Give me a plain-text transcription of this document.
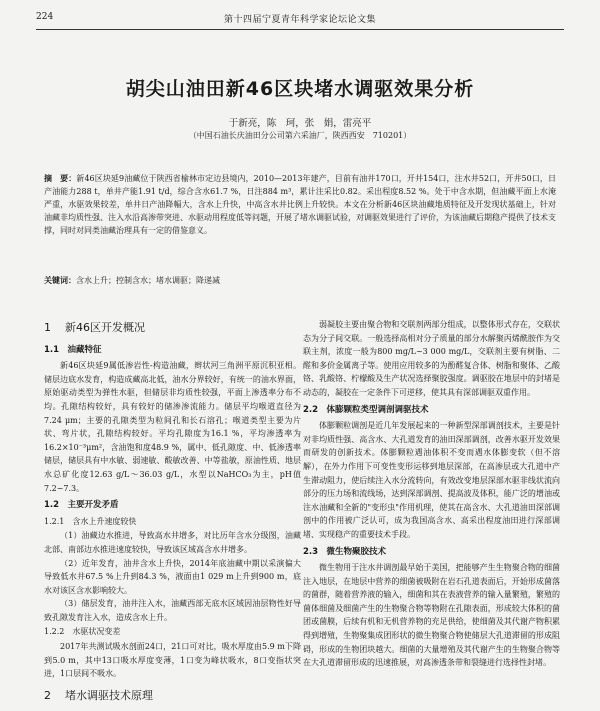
224	第十四届宁夏青年科学家论坛论文集
胡尖山油田新46区块堵水调驱效果分析
于新亮，陈　珂，张　娟，雷亮平
（中国石油长庆油田分公司第六采油厂，陕西西安　710201）
摘　要：新46区块延9油藏位于陕西省榆林市定边县境内，2010—2013年建产，目前有油井170口，开井154口，注水井52口，开井50口，日产油能力288 t，单井产能1.91 t/d，综合含水61.7 %，日注884 m³，累计注采比0.82。采出程度8.52 %。处于中含水期，但油藏平面上水淹严重，水驱效果较差，单井日产油降幅大，含水上升快，中高含水井比例上升较快。本文在分析新46区块油藏地质特征及开发现状基础上，针对油藏非均质性强、注入水沿高渗带突进、水驱动用程度低等问题，开展了堵水调驱试验，对调驱效果进行了评价，为该油藏后期稳产提供了技术支撑，同时对同类油藏治理具有一定的借鉴意义。
关键词：含水上升；控制含水；堵水调驱；降递减
1 新46区开发概况
1.1　油藏特征

新46区块延9属低渗岩性-构造油藏，辫状河三角洲平原沉积亚相。储层边底水发育，构造成藏高北低，油水分界较好，有统一的油水界面，原始驱动类型为弹性水驱，但储层非均质性较强，平面上渗透率分布不均。孔隙结构较好，具有较好的储渗渗流能力。储层平均喉道直径为7.24 μm；主要的孔隙类型为粒间孔和长石溶孔；喉道类型主要为片状、弯片状，孔隙结构较好。平均孔隙度为16.1 %，平均渗透率为16.2×10⁻³μm²，含油饱和度48.9 %，属中、低孔隙度、中、低渗透率储层，储层具有中水敏、弱速敏、酸敏改善、中等盐敏，原油性质、地层水总矿化度12.63 g/L～36.03 g/L，水型以NaHCO₃为主，pH值7.2~7.3。

1.2　主要开发矛盾
1.2.1　含水上升速度较快

（1）油藏边水推进，导致高水井增多，对比历年含水分级图，油藏北部、南部边水推进速度较快，导致该区域高含水井增多。

（2）近年发育，油井含水上升快，2014年底油藏中期以采演偏大导致低水井67.5 %上升到84.3 %，液面由1 029 m上升到900 m，底水对该区含水影响较大。

（3）储层发育，油井注入水，油藏西部无底水区域因油层物性好导致孔隙发育注入水，造成含水上升。

1.2.2　水驱状况变差

2017年共测试吸水剖面24口，21口可对比，吸水厚度由5.9 m下降到5.0 m，其中13口吸水厚度变薄，1口变为峰状吸水，8口变指状突进，1口层间不吸水。

2 堵水调驱技术原理

弱凝胶主要由聚合物和交联剂两部分组成，以整体形式存在，交联状态为分子间交联。一般选择高相对分子质量的部分水解聚丙烯酰胺作为交联主剂，浓度一般为800 mg/L~3 000 mg/L，交联剂主要有树脂、二醛和多价金属离子等。使用应用较多的为酚醛复合体、树脂和聚体、乙酸铬、乳酸铬、柠檬酸及生产状况选择聚胶强度。调驱胶在地层中的封堵是动态的，凝胶在一定条件下可逆移，使其具有深部调驱双重作用。

2.2　体膨颗粒类型调剖调驱技术

体膨颗粒调剖是近几年发展起来的一种新型深部调剖技术，主要是针对非均质性强、高含水、大孔道发育的油田深部调剖，改善水驱开发效果而研发的创新技术。体膨颗粒遇油体积不变而遇水体膨变软（但不溶解），在外力作用下可变性变形运移到地层深部，在高渗层或大孔道中产生滞动阻力，使后续注入水分流转向，有效改变地层深部水驱非线状流向部分的压力场和流线场，达到深部调剖、提高波及体积，能广泛的增油或注水油藏和全新的"变形虫"作用机理，使其在高含水、大孔道油田深部调剖中的作用被广泛认可，成为我国高含水、高采出程度油田进行深部调堵、实现稳产的重要技术手段。

2.3　微生物聚胶技术

微生物用于注水井调剖最早始于美国，把能够产生生物聚合物的细菌注入地层，在地层中营养的细菌被吸附在岩石孔道表面后，开始形成菌落的菌群，随着营养液的输入，细菌和其在表液营养的输入量繁殖，繁殖的菌体细菌及细菌产生的生物聚合物等物附在孔隙表面，形成较大体积的菌团或菌膜，后续有机和无机营养物的充足供给，使细菌及其代谢产物积累得到增殖，生物聚集成团形状的微生物聚合物使储层大孔道滞留的形成阻碍，形成的生物团块越大。细菌的大量增殖及其代谢产生的生物聚合物等在大孔道滞留形成的迅速推展，对高渗透条带和裂缝进行选择性封堵。
